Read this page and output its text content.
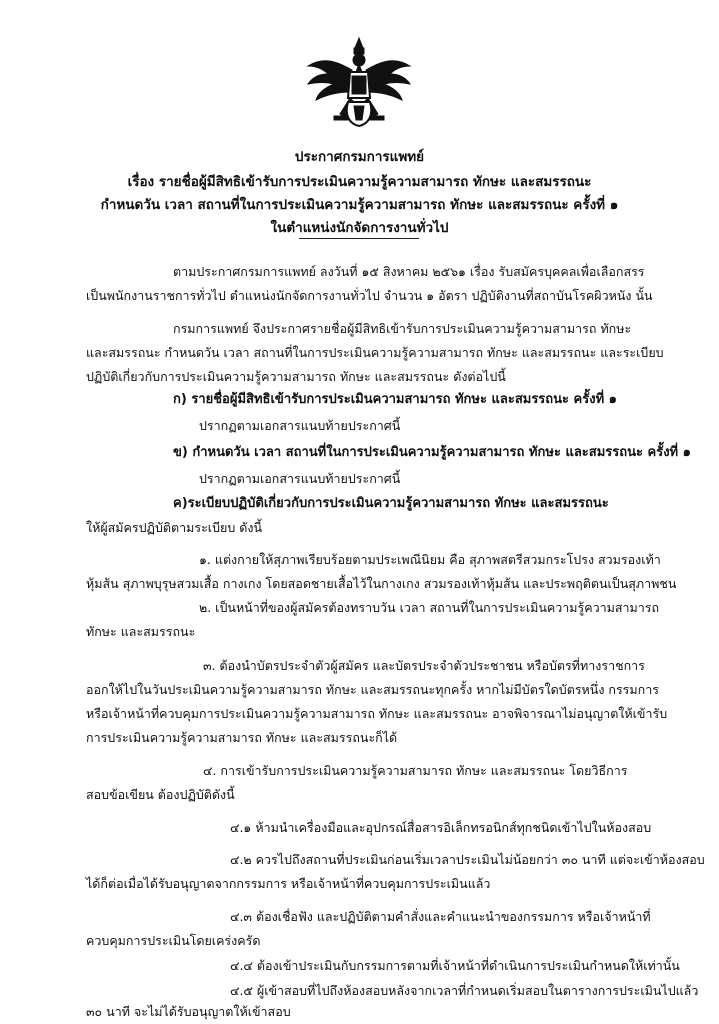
ประกาศกรมการแพทย์
เรื่อง รายชื่อผู้มีสิทธิเข้ารับการประเมินความรู้ความสามารถ ทักษะ และสมรรถนะ
กำหนดวัน เวลา สถานที่ในการประเมินความรู้ความสามารถ ทักษะ และสมรรถนะ ครั้งที่ ๑
ในตำแหน่งนักจัดการงานทั่วไป
ตามประกาศกรมการแพทย์ ลงวันที่ ๑๕ สิงหาคม ๒๕๖๑ เรื่อง รับสมัครบุคคลเพื่อเลือกสรร
เป็นพนักงานราชการทั่วไป ตำแหน่งนักจัดการงานทั่วไป จำนวน ๑ อัตรา ปฏิบัติงานที่สถาบันโรคผิวหนัง นั้น
กรมการแพทย์ จึงประกาศรายชื่อผู้มีสิทธิเข้ารับการประเมินความรู้ความสามารถ ทักษะ
และสมรรถนะ กำหนดวัน เวลา สถานที่ในการประเมินความรู้ความสามารถ ทักษะ และสมรรถนะ และระเบียบ
ปฏิบัติเกี่ยวกับการประเมินความรู้ความสามารถ ทักษะ และสมรรถนะ ดังต่อไปนี้
ก) รายชื่อผู้มีสิทธิเข้ารับการประเมินความสามารถ ทักษะ และสมรรถนะ ครั้งที่ ๑
ปรากฏตามเอกสารแนบท้ายประกาศนี้
ข) กำหนดวัน เวลา สถานที่ในการประเมินความรู้ความสามารถ ทักษะ และสมรรถนะ ครั้งที่ ๑
ปรากฏตามเอกสารแนบท้ายประกาศนี้
ค)ระเบียบปฏิบัติเกี่ยวกับการประเมินความรู้ความสามารถ ทักษะ และสมรรถนะ
ให้ผู้สมัครปฏิบัติตามระเบียบ ดังนี้
๑. แต่งกายให้สุภาพเรียบร้อยตามประเพณีนิยม คือ สุภาพสตรีสวมกระโปรง สวมรองเท้า
หุ้มส้น สุภาพบุรุษสวมเสื้อ กางเกง โดยสอดชายเสื้อไว้ในกางเกง สวมรองเท้าหุ้มส้น และประพฤติตนเป็นสุภาพชน
๒. เป็นหน้าที่ของผู้สมัครต้องทราบวัน เวลา สถานที่ในการประเมินความรู้ความสามารถ
ทักษะ และสมรรถนะ
๓. ต้องนำบัตรประจำตัวผู้สมัคร และบัตรประจำตัวประชาชน หรือบัตรที่ทางราชการ
ออกให้ไปในวันประเมินความรู้ความสามารถ ทักษะ และสมรรถนะทุกครั้ง หากไม่มีบัตรใดบัตรหนึ่ง กรรมการ
หรือเจ้าหน้าที่ควบคุมการประเมินความรู้ความสามารถ ทักษะ และสมรรถนะ อาจพิจารณาไม่อนุญาตให้เข้ารับ
การประเมินความรู้ความสามารถ ทักษะ และสมรรถนะก็ได้
๔. การเข้ารับการประเมินความรู้ความสามารถ ทักษะ และสมรรถนะ โดยวิธีการ
สอบข้อเขียน ต้องปฏิบัติดังนี้
๔.๑ ห้ามนำเครื่องมือและอุปกรณ์สื่อสารอิเล็กทรอนิกส์ทุกชนิดเข้าไปในห้องสอบ
๔.๒ ควรไปถึงสถานที่ประเมินก่อนเริ่มเวลาประเมินไม่น้อยกว่า ๓๐ นาที แต่จะเข้าห้องสอบ
ได้ก็ต่อเมื่อได้รับอนุญาตจากกรรมการ หรือเจ้าหน้าที่ควบคุมการประเมินแล้ว
๔.๓ ต้องเชื่อฟัง และปฏิบัติตามคำสั่งและคำแนะนำของกรรมการ หรือเจ้าหน้าที่
ควบคุมการประเมินโดยเคร่งครัด
๔.๔ ต้องเข้าประเมินกับกรรมการตามที่เจ้าหน้าที่ดำเนินการประเมินกำหนดให้เท่านั้น
๔.๕ ผู้เข้าสอบที่ไปถึงห้องสอบหลังจากเวลาที่กำหนดเริ่มสอบในตารางการประเมินไปแล้ว
๓๐ นาที จะไม่ได้รับอนุญาตให้เข้าสอบ
